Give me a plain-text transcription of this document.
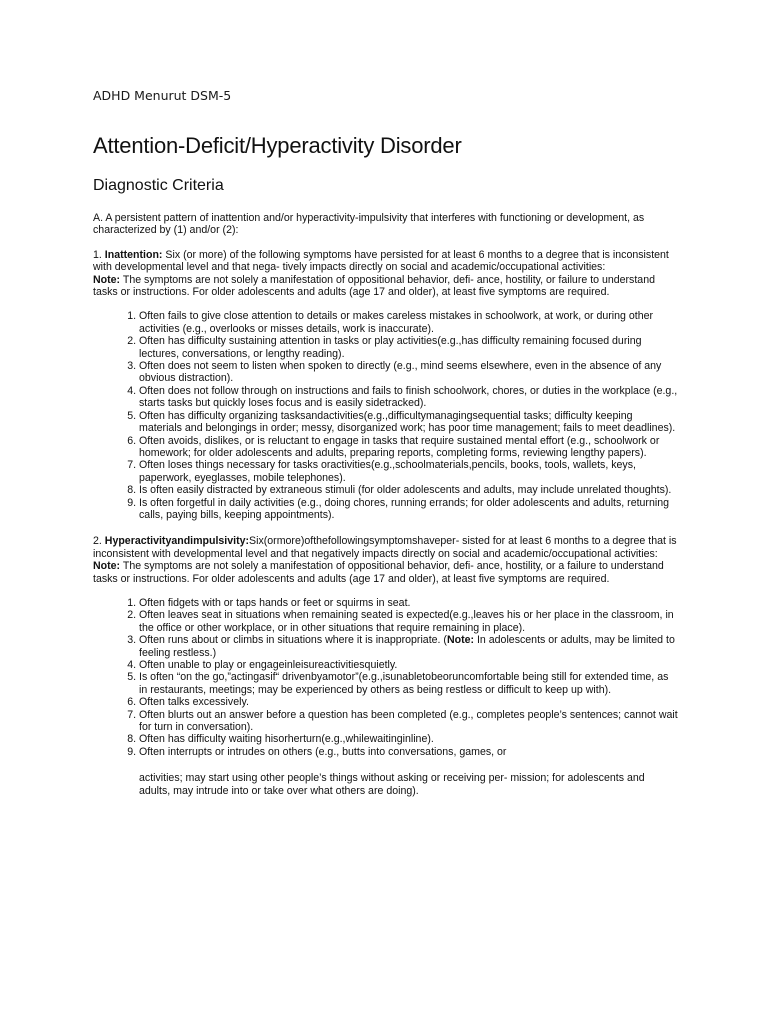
ADHD Menurut DSM-5
Attention-Deficit/Hyperactivity Disorder
Diagnostic Criteria

A. A persistent pattern of inattention and/or hyperactivity-impulsivity that interferes with functioning or development, as characterized by (1) and/or (2):

1. Inattention: Six (or more) of the following symptoms have persisted for at least 6 months to a degree that is inconsistent with developmental level and that nega- tively impacts directly on social and academic/occupational activities:
Note: The symptoms are not solely a manifestation of oppositional behavior, defi- ance, hostility, or failure to understand tasks or instructions. For older adolescents and adults (age 17 and older), at least five symptoms are required.

1. Often fails to give close attention to details or makes careless mistakes in schoolwork, at work, or during other activities (e.g., overlooks or misses details, work is inaccurate).
2. Often has difficulty sustaining attention in tasks or play activities(e.g.,has difficulty remaining focused during lectures, conversations, or lengthy reading).
3. Often does not seem to listen when spoken to directly (e.g., mind seems elsewhere, even in the absence of any obvious distraction).
4. Often does not follow through on instructions and fails to finish schoolwork, chores, or duties in the workplace (e.g., starts tasks but quickly loses focus and is easily sidetracked).
5. Often has difficulty organizing tasksandactivities(e.g.,difficultymanagingsequential tasks; difficulty keeping materials and belongings in order; messy, disorganized work; has poor time management; fails to meet deadlines).
6. Often avoids, dislikes, or is reluctant to engage in tasks that require sustained mental effort (e.g., schoolwork or homework; for older adolescents and adults, preparing reports, completing forms, reviewing lengthy papers).
7. Often loses things necessary for tasks oractivities(e.g.,schoolmaterials,pencils, books, tools, wallets, keys, paperwork, eyeglasses, mobile telephones).
8. Is often easily distracted by extraneous stimuli (for older adolescents and adults, may include unrelated thoughts).
9. Is often forgetful in daily activities (e.g., doing chores, running errands; for older adolescents and adults, returning calls, paying bills, keeping appointments).

2. Hyperactivityandimpulsivity:Six(ormore)ofthefollowingsymptomshaveper- sisted for at least 6 months to a degree that is inconsistent with developmental level and that negatively impacts directly on social and academic/occupational activities: Note: The symptoms are not solely a manifestation of oppositional behavior, defi- ance, hostility, or a failure to understand tasks or instructions. For older adolescents and adults (age 17 and older), at least five symptoms are required.

1. Often fidgets with or taps hands or feet or squirms in seat.
2. Often leaves seat in situations when remaining seated is expected(e.g.,leaves his or her place in the classroom, in the office or other workplace, or in other situations that require remaining in place).
3. Often runs about or climbs in situations where it is inappropriate. (Note: In adolescents or adults, may be limited to feeling restless.)
4. Often unable to play or engageinleisureactivitiesquietly.
5. Is often “on the go,”actingasif“ drivenbyamotor”(e.g.,isunabletobeoruncomfortable being still for extended time, as in restaurants, meetings; may be experienced by others as being restless or difficult to keep up with).
6. Often talks excessively.
7. Often blurts out an answer before a question has been completed (e.g., completes people’s sentences; cannot wait for turn in conversation).
8. Often has difficulty waiting hisorherturn(e.g.,whilewaitinginline).
9. Often interrupts or intrudes on others (e.g., butts into conversations, games, or

activities; may start using other people’s things without asking or receiving per- mission; for adolescents and adults, may intrude into or take over what others are doing).
